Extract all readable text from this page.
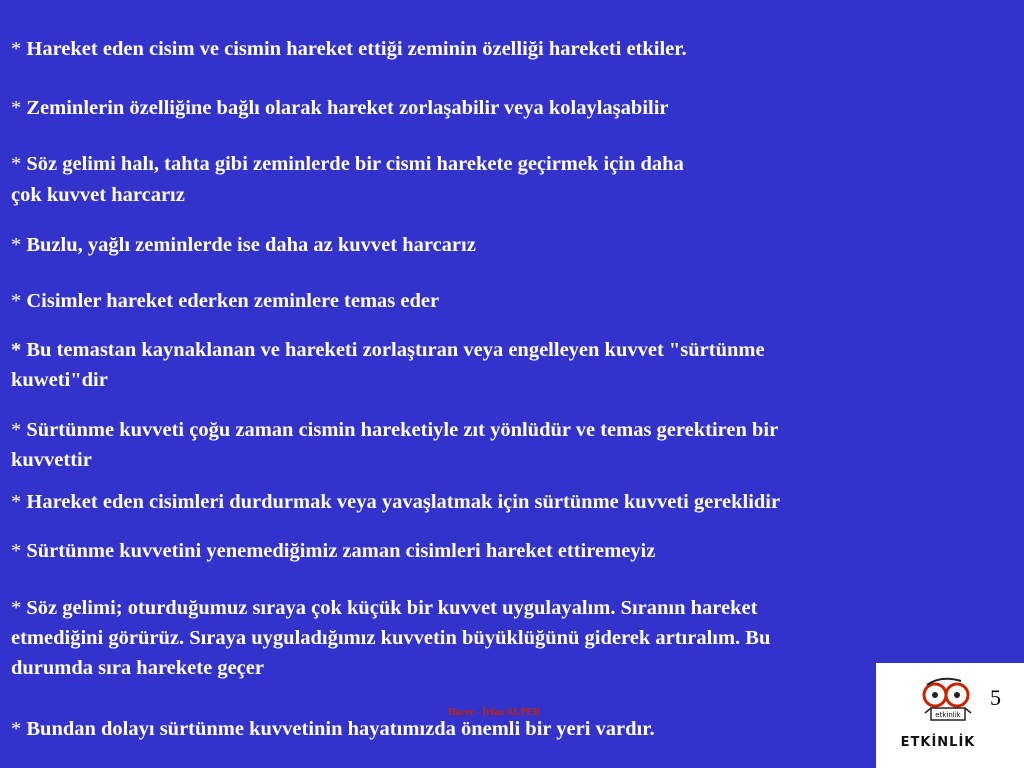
* Hareket eden cisim ve cismin hareket ettiği zeminin özelliği hareketi etkiler.
* Zeminlerin özelliğine bağlı olarak hareket zorlaşabilir veya kolaylaşabilir
* Söz gelimi halı, tahta gibi zeminlerde bir cismi harekete geçirmek için daha
çok kuvvet harcarız
* Buzlu, yağlı zeminlerde ise daha az kuvvet harcarız
* Cisimler hareket ederken zeminlere temas eder
* Bu temastan kaynaklanan ve hareketi zorlaştıran veya engelleyen kuvvet "sürtünme
kuweti"dir
* Sürtünme kuvveti çoğu zaman cismin hareketiyle zıt yönlüdür ve temas gerektiren bir
kuvvettir
* Hareket eden cisimleri durdurmak veya yavaşlatmak için sürtünme kuvveti gereklidir
* Sürtünme kuvvetini yenemediğimiz zaman cisimleri hareket ettiremeyiz
* Söz gelimi; oturduğumuz sıraya çok küçük bir kuvvet uygulayalım. Sıranın hareket
etmediğini görürüz. Sıraya uyguladığımız kuvvetin büyüklüğünü giderek artıralım. Bu
durumda sıra harekete geçer
* Bundan dolayı sürtünme kuvvetinin hayatımızda önemli bir yeri vardır.
Hacer - İrfan ALPER
5
etkinlik
ETKİNLİK
